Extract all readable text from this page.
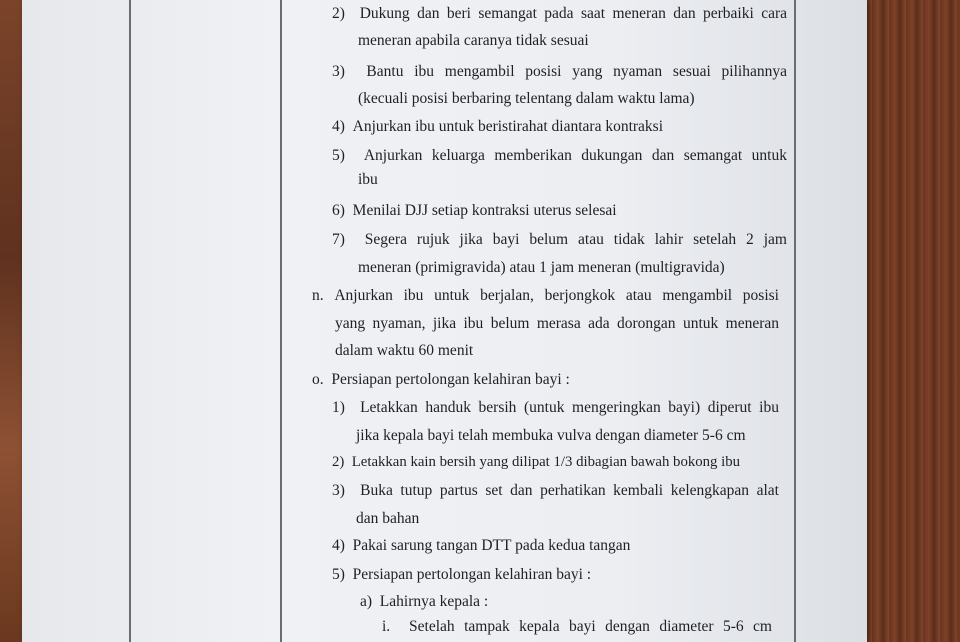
2)  Dukung dan beri semangat pada saat meneran dan perbaiki cara
meneran apabila caranya tidak sesuai
3)  Bantu ibu mengambil posisi yang nyaman sesuai pilihannya
(kecuali posisi berbaring telentang dalam waktu lama)
4)  Anjurkan ibu untuk beristirahat diantara kontraksi
5)  Anjurkan keluarga memberikan dukungan dan semangat untuk
ibu
6)  Menilai DJJ setiap kontraksi uterus selesai
7)  Segera rujuk jika bayi belum atau tidak lahir setelah 2 jam
meneran (primigravida) atau 1 jam meneran (multigravida)
n. Anjurkan ibu untuk berjalan, berjongkok atau mengambil posisi
yang nyaman, jika ibu belum merasa ada dorongan untuk meneran
dalam waktu 60 menit
o.  Persiapan pertolongan kelahiran bayi :
1)  Letakkan handuk bersih (untuk mengeringkan bayi) diperut ibu
jika kepala bayi telah membuka vulva dengan diameter 5-6 cm
2)  Letakkan kain bersih yang dilipat 1/3 dibagian bawah bokong ibu
3)  Buka tutup partus set dan perhatikan kembali kelengkapan alat
dan bahan
4)  Pakai sarung tangan DTT pada kedua tangan
5)  Persiapan pertolongan kelahiran bayi :
a)  Lahirnya kepala :
i.  Setelah tampak kepala bayi dengan diameter 5-6 cm
